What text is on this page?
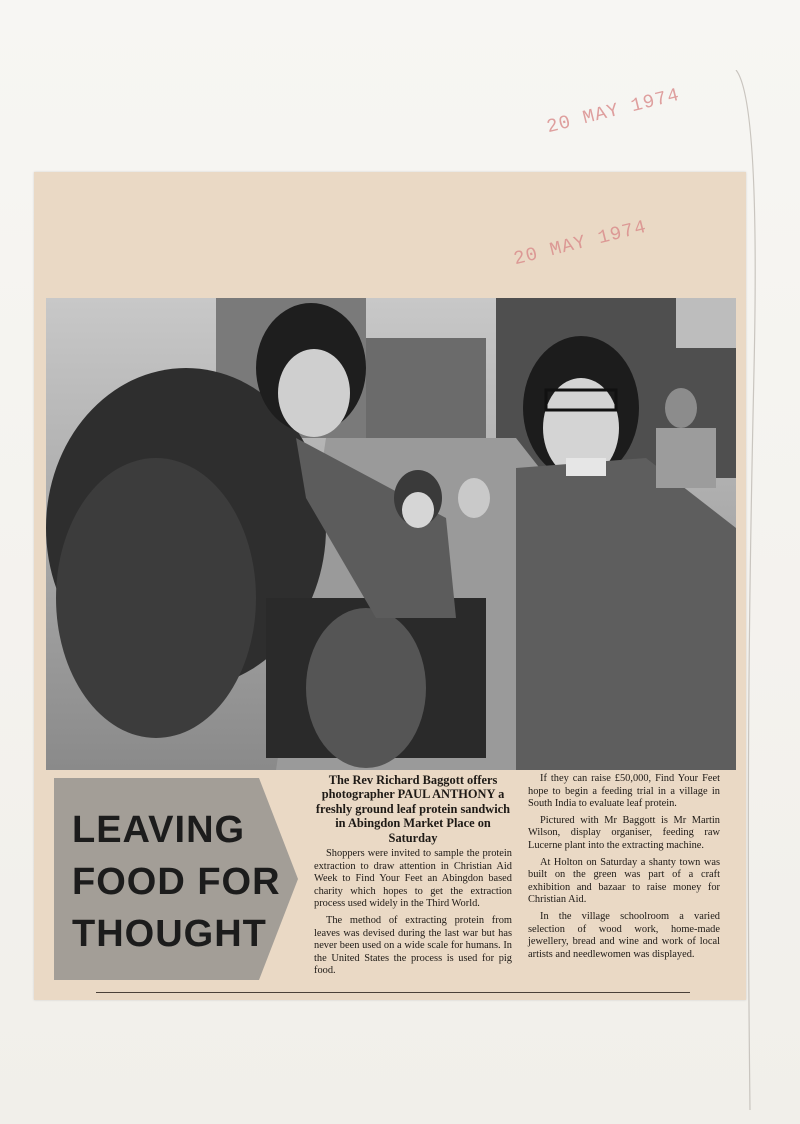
20 MAY 1974
20 MAY 1974
LEAVING
FOOD FOR
THOUGHT
The Rev Richard Baggott offers photographer PAUL ANTHONY a freshly ground leaf protein sandwich in Abingdon Market Place on Saturday

Shoppers were invited to sample the protein extraction to draw attention in Christian Aid Week to Find Your Feet an Abingdon based charity which hopes to get the extraction process used widely in the Third World.

The method of extracting protein from leaves was devised during the last war but has never been used on a wide scale for humans. In the United States the process is used for pig food.

If they can raise £50,000, Find Your Feet hope to begin a feeding trial in a village in South India to evaluate leaf protein.

Pictured with Mr Baggott is Mr Martin Wilson, display organiser, feeding raw Lucerne plant into the extracting machine.

At Holton on Saturday a shanty town was built on the green was part of a craft exhibition and bazaar to raise money for Christian Aid.

In the village schoolroom a varied selection of wood work, home-made jewellery, bread and wine and work of local artists and needlewomen was displayed.
